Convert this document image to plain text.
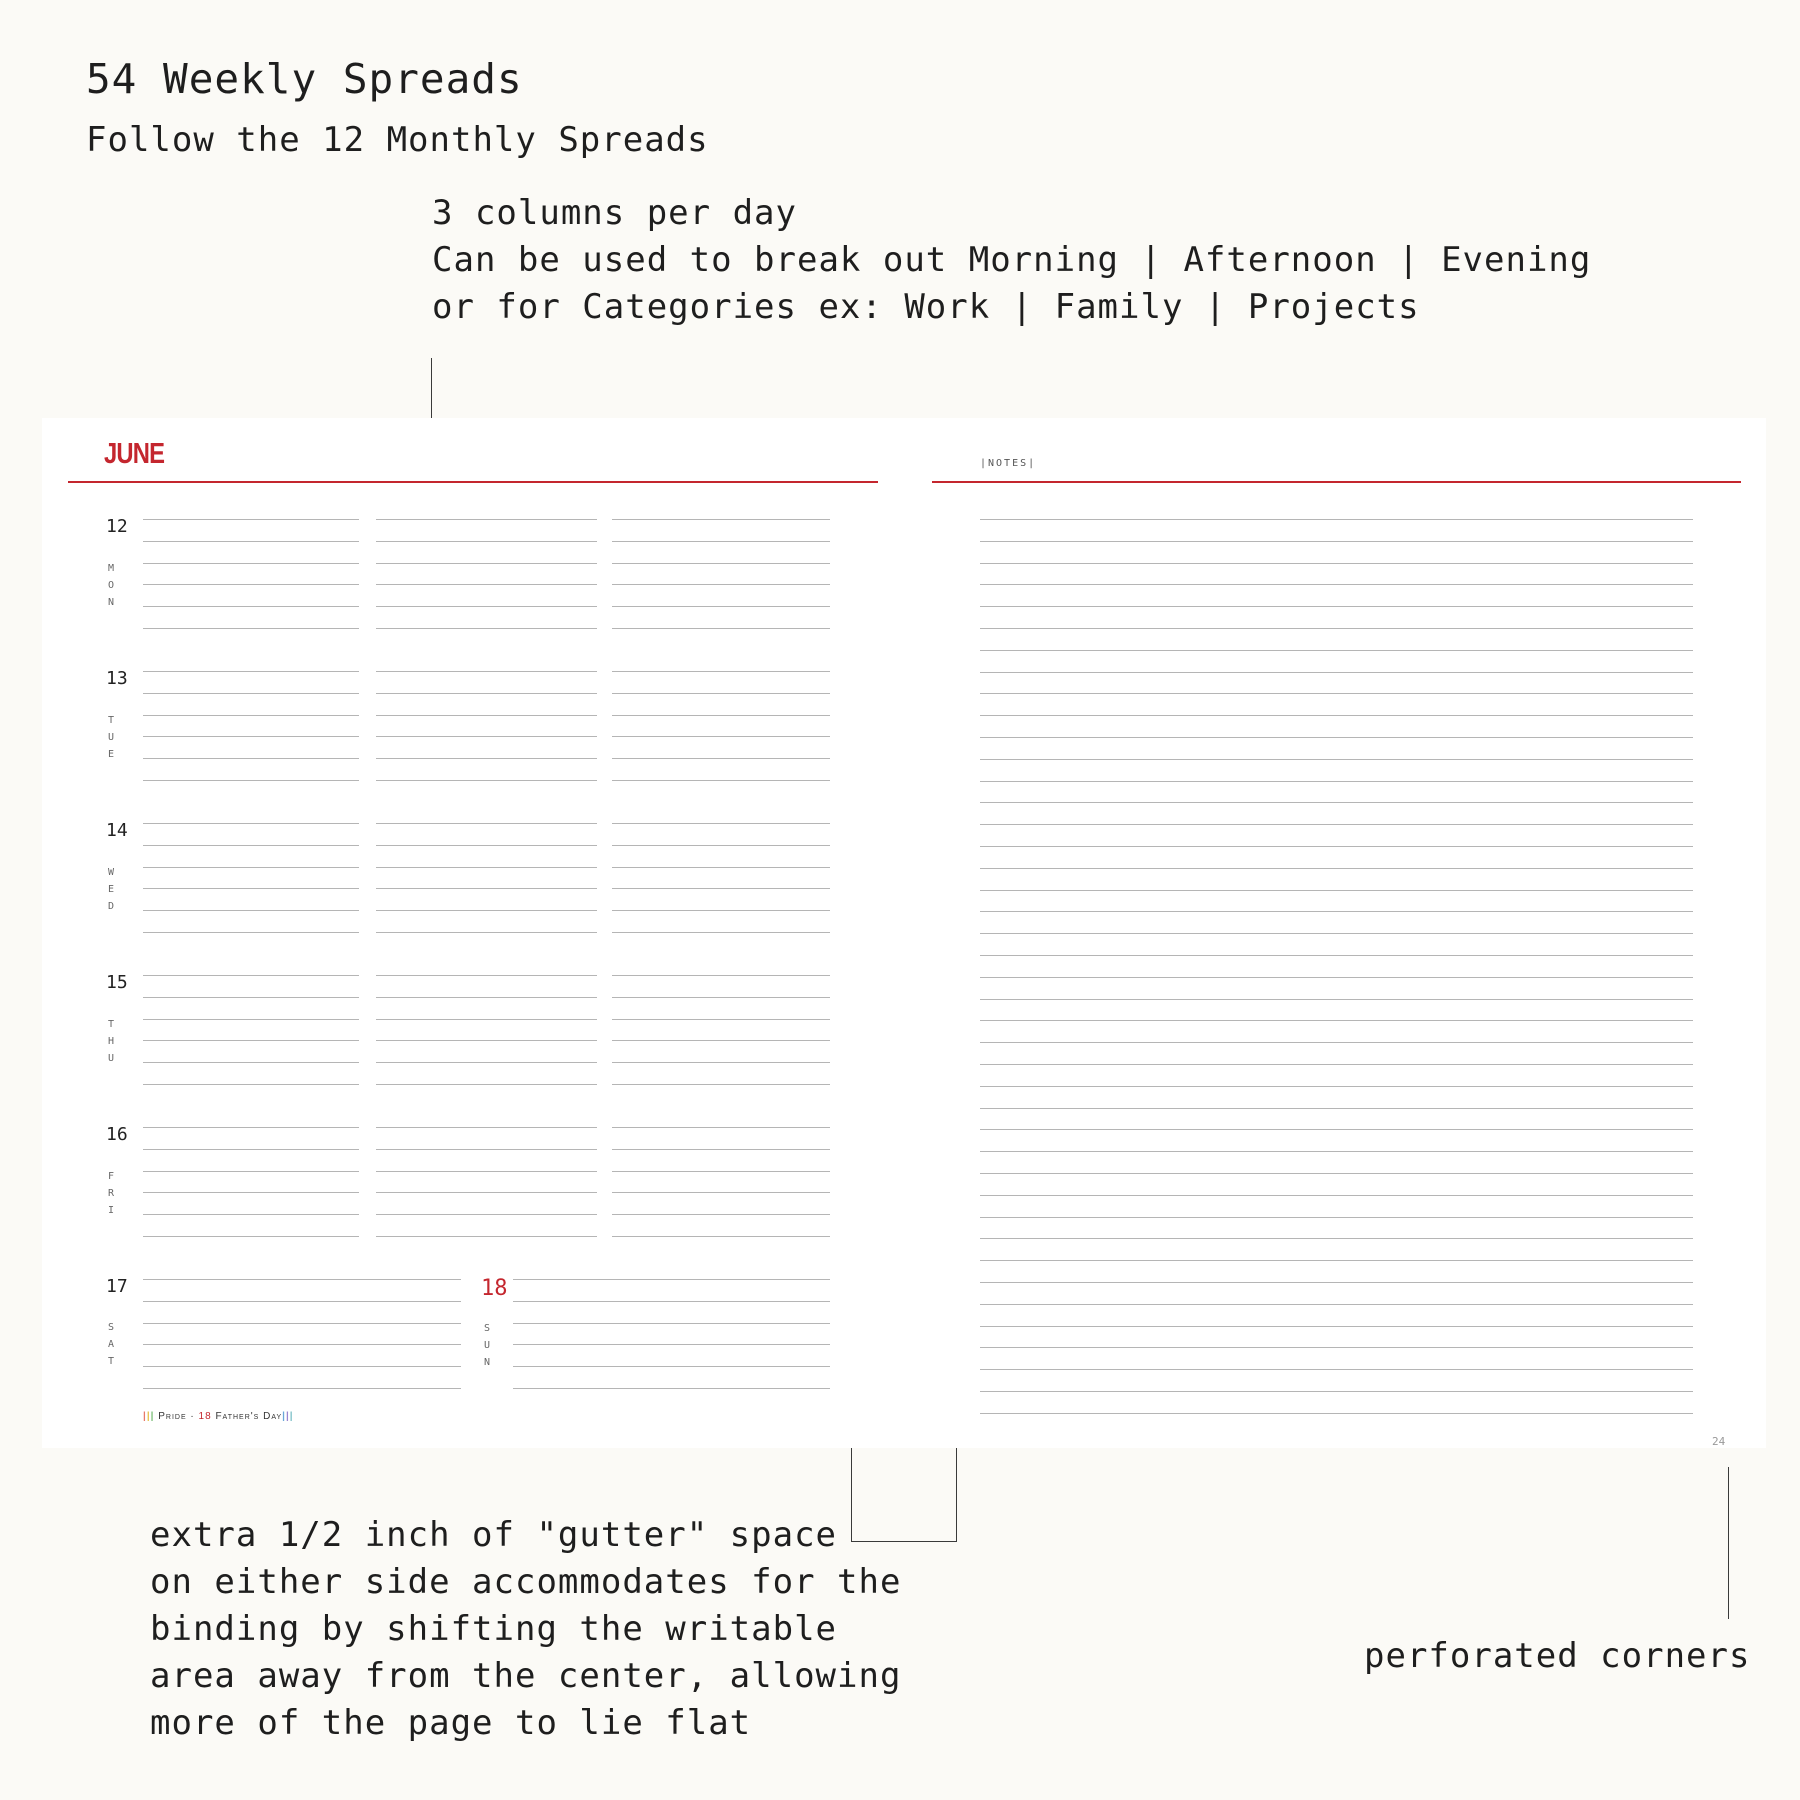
54 Weekly Spreads
Follow the 12 Monthly Spreads
3 columns per day
Can be used to break out Morning | Afternoon | Evening
or for Categories ex: Work | Family | Projects
JUNE	|NOTES|
12
M
O
N
13
T
U
E
14
W
E
D
15
T
H
U
16
F
R
I
17
S
A
T
18
S
U
N
||| Pride · 18 Father's Day|||
24
extra 1/2 inch of "gutter" space
on either side accommodates for the
binding by shifting the writable
area away from the center, allowing
more of the page to lie flat
perforated corners
